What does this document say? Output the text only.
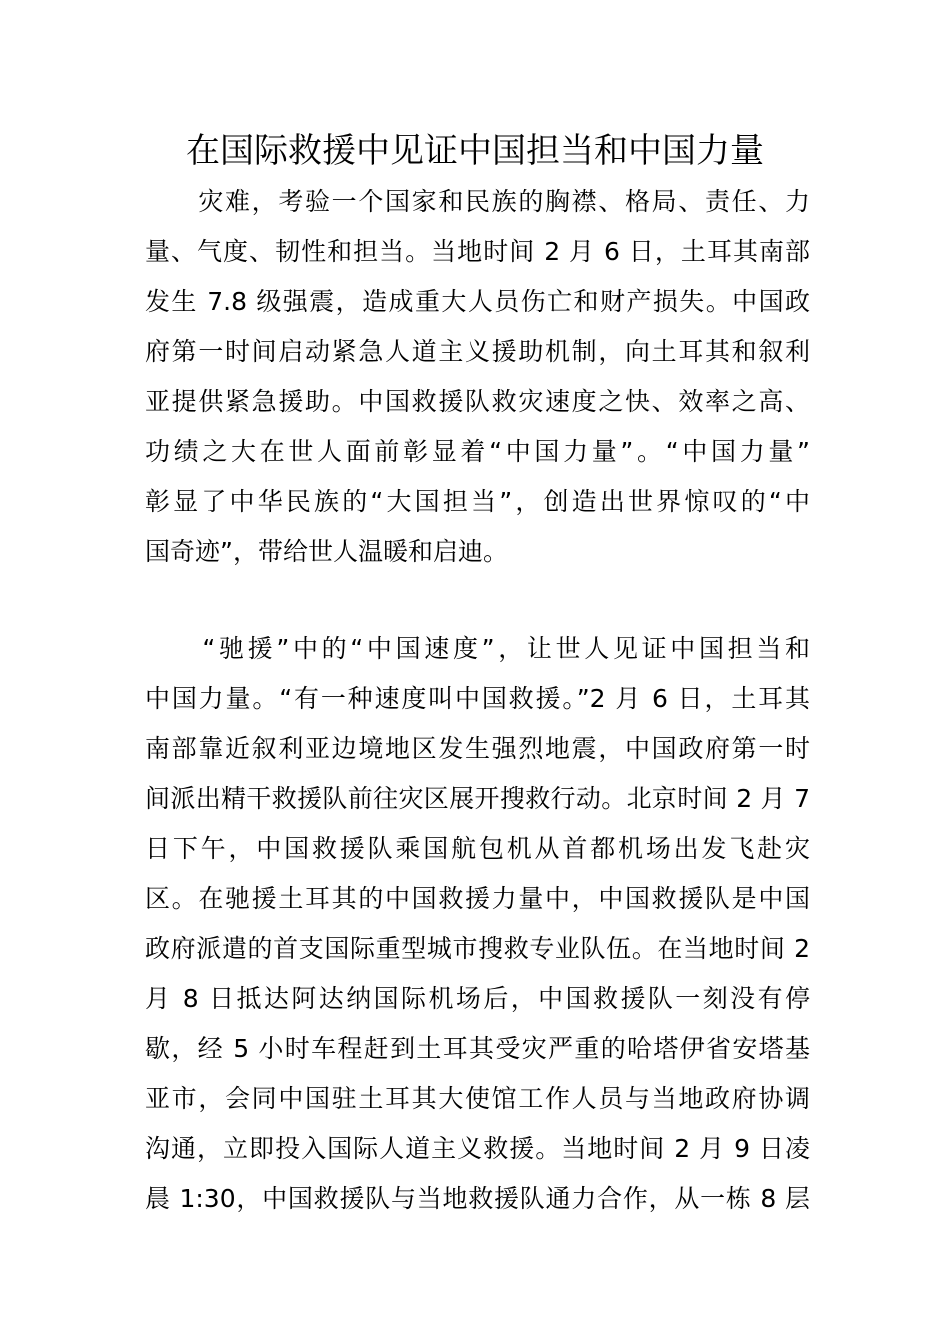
在国际救援中见证中国担当和中国力量
　　灾难，考验一个国家和民族的胸襟、格局、责任、力
量、气度、韧性和担当。当地时间 2 月 6 日，土耳其南部
发生 7.8 级强震，造成重大人员伤亡和财产损失。中国政
府第一时间启动紧急人道主义援助机制，向土耳其和叙利
亚提供紧急援助。中国救援队救灾速度之快、效率之高、
功绩之大在世人面前彰显着“中国力量”。“中国力量”
彰显了中华民族的“大国担当”，创造出世界惊叹的“中
国奇迹”，带给世人温暖和启迪。
　　“驰援”中的“中国速度”，让世人见证中国担当和
中国力量。“有一种速度叫中国救援。”2 月 6 日，土耳其
南部靠近叙利亚边境地区发生强烈地震，中国政府第一时
间派出精干救援队前往灾区展开搜救行动。北京时间 2 月 7
日下午，中国救援队乘国航包机从首都机场出发飞赴灾
区。在驰援土耳其的中国救援力量中，中国救援队是中国
政府派遣的首支国际重型城市搜救专业队伍。在当地时间 2
月 8 日抵达阿达纳国际机场后，中国救援队一刻没有停
歇，经 5 小时车程赶到土耳其受灾严重的哈塔伊省安塔基
亚市，会同中国驻土耳其大使馆工作人员与当地政府协调
沟通，立即投入国际人道主义救援。当地时间 2 月 9 日凌
晨 1:30，中国救援队与当地救援队通力合作，从一栋 8 层
